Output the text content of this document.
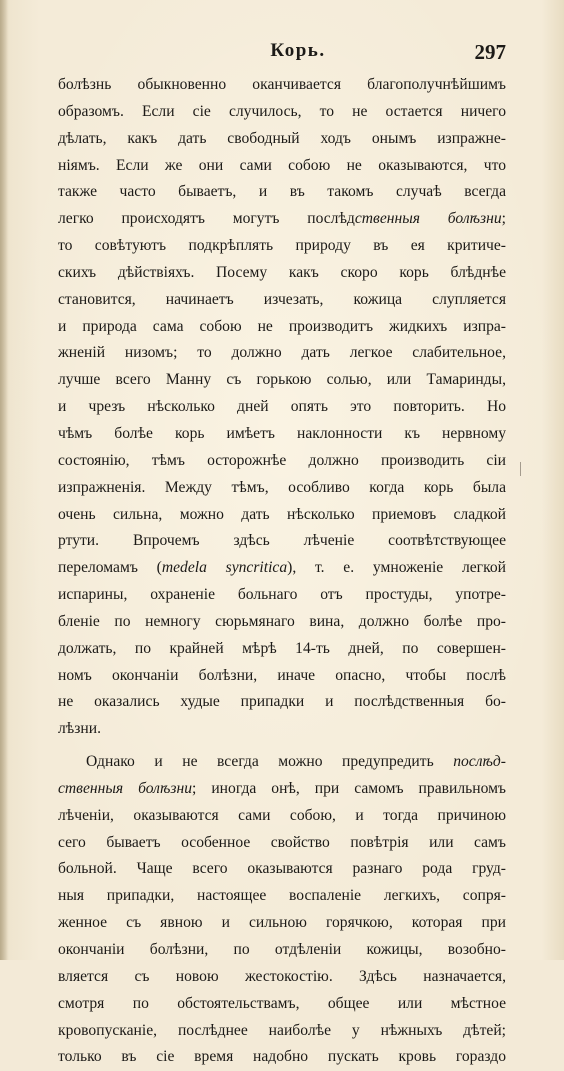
Корь.	297
болѣзнь обыкновенно оканчивается благополучнѣйшимъ
образомъ. Если сіе случилось, то не остается ничего
дѣлать, какъ дать свободный ходъ онымъ изпражне-
ніямъ. Если же они сами собою не оказываются, что
также часто бываетъ, и въ такомъ случаѣ всегда
легко происходятъ могутъ послѣдственныя болѣзни;
то совѣтуютъ подкрѣплять природу въ ея критиче-
скихъ дѣйствіяхъ. Посему какъ скоро корь блѣднѣе
становится, начинаетъ изчезать, кожица слупляется
и природа сама собою не производитъ жидкихъ изпра-
жненій низомъ; то должно дать легкое слабительное,
лучше всего Манну съ горькою солью, или Тамаринды,
и чрезъ нѣсколько дней опять это повторить. Но
чѣмъ болѣе корь имѣетъ наклонности къ нервному
состоянію, тѣмъ осторожнѣе должно производить сіи
изпражненія. Между тѣмъ, особливо когда корь была
очень сильна, можно дать нѣсколько приемовъ сладкой
ртути. Впрочемъ здѣсь лѣченіе соотвѣтствующее
переломамъ (medela syncritica), т. е. умноженіе легкой
испарины, охраненіе больнаго отъ простуды, употре-
бленіе по немногу сюрьмянаго вина, должно болѣе про-
должать, по крайней мѣрѣ 14-ть дней, по совершен-
номъ окончаніи болѣзни, иначе опасно, чтобы послѣ
не оказались худые припадки и послѣдственныя бо-
лѣзни.
Однако и не всегда можно предупредить послѣд-
ственныя болѣзни; иногда онѣ, при самомъ правильномъ
лѣченіи, оказываются сами собою, и тогда причиною
сего бываетъ особенное свойство повѣтрія или самъ
больной. Чаще всего оказываются разнаго рода груд-
ныя припадки, настоящее воспаленіе легкихъ, сопря-
женное съ явною и сильною горячкою, которая при
окончаніи болѣзни, по отдѣленіи кожицы, возобно-
вляется съ новою жестокостію. Здѣсь назначается,
смотря по обстоятельствамъ, общее или мѣстное
кровопусканіе, послѣднее наиболѣе у нѣжныхъ дѣтей;
только въ сіе время надобно пускать кровь гораздо
